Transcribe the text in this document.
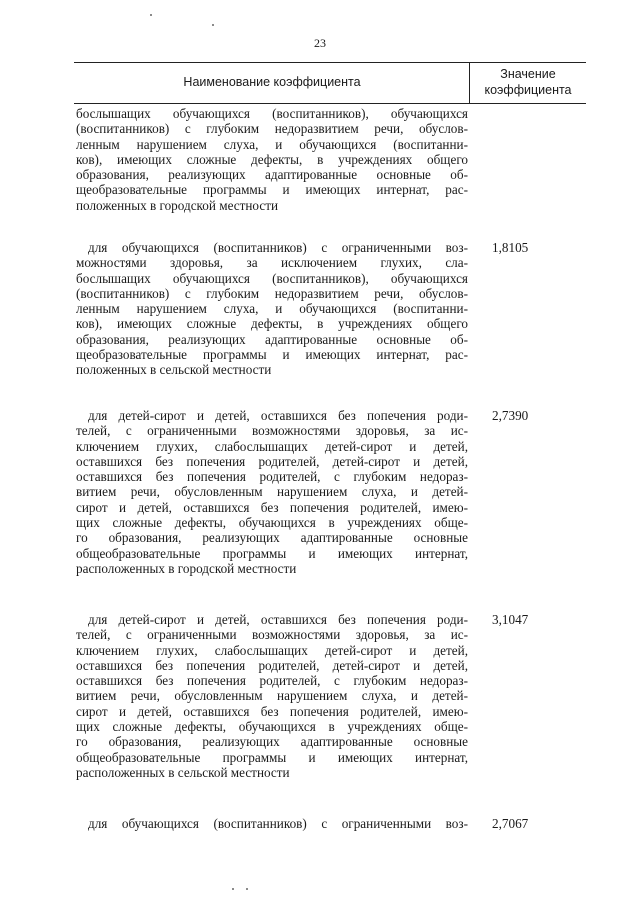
23
Наименование коэффициента
Значение
коэффициента
бослышащих обучающихся (воспитанников), обучающихся
(воспитанников) с глубоким недоразвитием речи, обуслов-
ленным нарушением слуха, и обучающихся (воспитанни-
ков), имеющих сложные дефекты, в учреждениях общего
образования, реализующих адаптированные основные об-
щеобразовательные программы и имеющих интернат, рас-
положенных в городской местности
для обучающихся (воспитанников) с ограниченными воз-
можностями здоровья, за исключением глухих, сла-
бослышащих обучающихся (воспитанников), обучающихся
(воспитанников) с глубоким недоразвитием речи, обуслов-
ленным нарушением слуха, и обучающихся (воспитанни-
ков), имеющих сложные дефекты, в учреждениях общего
образования, реализующих адаптированные основные об-
щеобразовательные программы и имеющих интернат, рас-
положенных в сельской местности
1,8105
для детей-сирот и детей, оставшихся без попечения роди-
телей, с ограниченными возможностями здоровья, за ис-
ключением глухих, слабослышащих детей-сирот и детей,
оставшихся без попечения родителей, детей-сирот и детей,
оставшихся без попечения родителей, с глубоким недораз-
витием речи, обусловленным нарушением слуха, и детей-
сирот и детей, оставшихся без попечения родителей, имею-
щих сложные дефекты, обучающихся в учреждениях обще-
го образования, реализующих адаптированные основные
общеобразовательные программы и имеющих интернат,
расположенных в городской местности
2,7390
для детей-сирот и детей, оставшихся без попечения роди-
телей, с ограниченными возможностями здоровья, за ис-
ключением глухих, слабослышащих детей-сирот и детей,
оставшихся без попечения родителей, детей-сирот и детей,
оставшихся без попечения родителей, с глубоким недораз-
витием речи, обусловленным нарушением слуха, и детей-
сирот и детей, оставшихся без попечения родителей, имею-
щих сложные дефекты, обучающихся в учреждениях обще-
го образования, реализующих адаптированные основные
общеобразовательные программы и имеющих интернат,
расположенных в сельской местности
3,1047
для обучающихся (воспитанников) с ограниченными воз- 2,7067
